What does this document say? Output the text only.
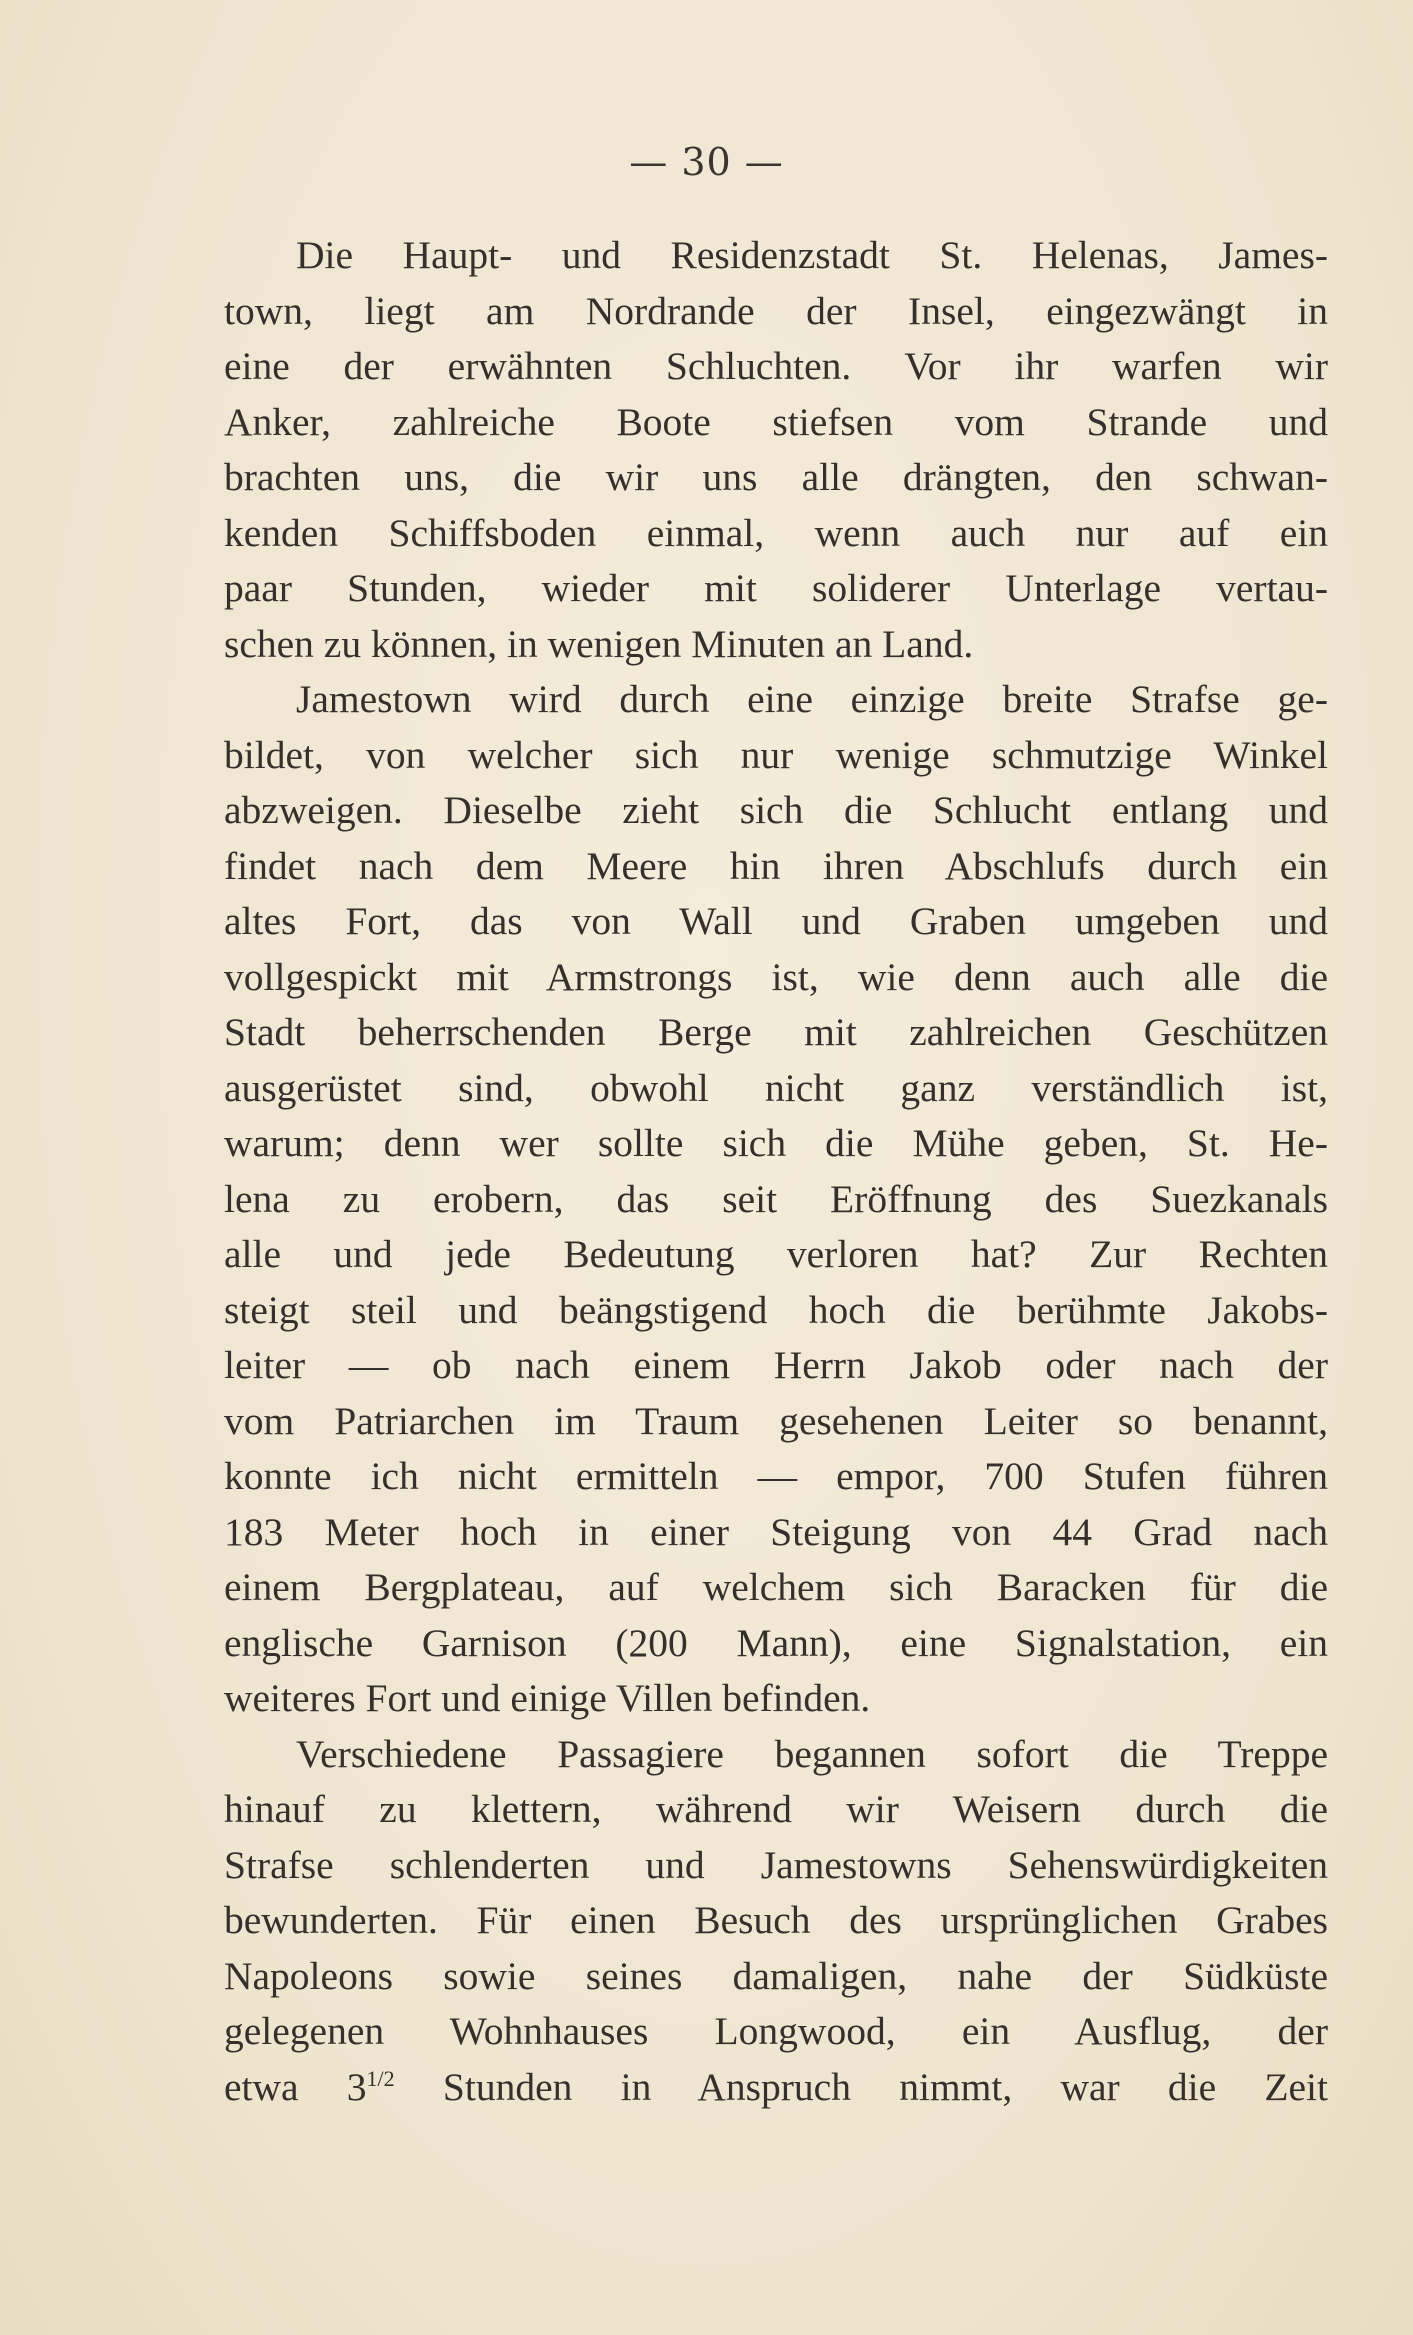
— 30 —
Die Haupt- und Residenzstadt St. Helenas, James-
town, liegt am Nordrande der Insel, eingezwängt in
eine der erwähnten Schluchten. Vor ihr warfen wir
Anker, zahlreiche Boote stiefsen vom Strande und
brachten uns, die wir uns alle drängten, den schwan-
kenden Schiffsboden einmal, wenn auch nur auf ein
paar Stunden, wieder mit soliderer Unterlage vertau-
schen zu können, in wenigen Minuten an Land.
Jamestown wird durch eine einzige breite Strafse ge-
bildet, von welcher sich nur wenige schmutzige Winkel
abzweigen. Dieselbe zieht sich die Schlucht entlang und
findet nach dem Meere hin ihren Abschlufs durch ein
altes Fort, das von Wall und Graben umgeben und
vollgespickt mit Armstrongs ist, wie denn auch alle die
Stadt beherrschenden Berge mit zahlreichen Geschützen
ausgerüstet sind, obwohl nicht ganz verständlich ist,
warum; denn wer sollte sich die Mühe geben, St. He-
lena zu erobern, das seit Eröffnung des Suezkanals
alle und jede Bedeutung verloren hat? Zur Rechten
steigt steil und beängstigend hoch die berühmte Jakobs-
leiter — ob nach einem Herrn Jakob oder nach der
vom Patriarchen im Traum gesehenen Leiter so benannt,
konnte ich nicht ermitteln — empor, 700 Stufen führen
183 Meter hoch in einer Steigung von 44 Grad nach
einem Bergplateau, auf welchem sich Baracken für die
englische Garnison (200 Mann), eine Signalstation, ein
weiteres Fort und einige Villen befinden.
Verschiedene Passagiere begannen sofort die Treppe
hinauf zu klettern, während wir Weisern durch die
Strafse schlenderten und Jamestowns Sehenswürdigkeiten
bewunderten. Für einen Besuch des ursprünglichen Grabes
Napoleons sowie seines damaligen, nahe der Südküste
gelegenen Wohnhauses Longwood, ein Ausflug, der
etwa $3^{1/2}$ Stunden in Anspruch nimmt, war die Zeit
